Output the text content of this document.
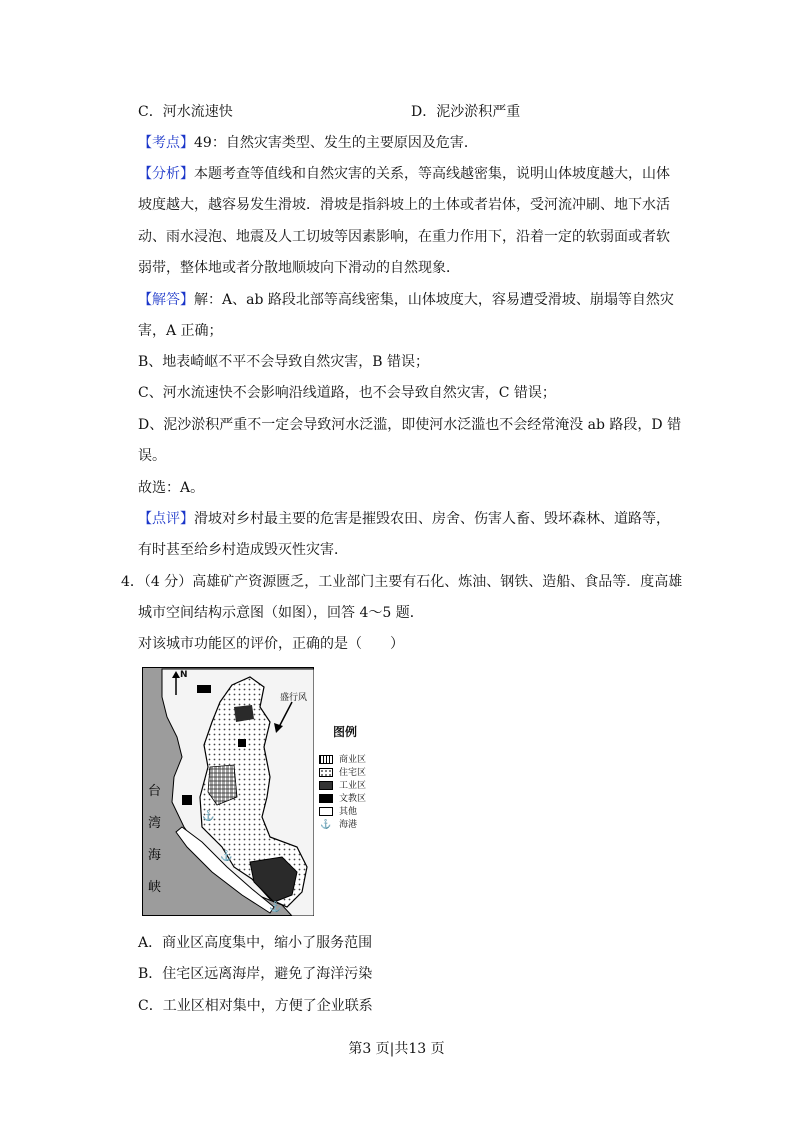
C．河水流速快	D．泥沙淤积严重
【考点】49：自然灾害类型、发生的主要原因及危害．
【分析】本题考查等值线和自然灾害的关系，等高线越密集，说明山体坡度越大，山体
坡度越大，越容易发生滑坡．滑坡是指斜坡上的土体或者岩体，受河流冲刷、地下水活
动、雨水浸泡、地震及人工切坡等因素影响，在重力作用下，沿着一定的软弱面或者软
弱带，整体地或者分散地顺坡向下滑动的自然现象．
【解答】解：A、ab 路段北部等高线密集，山体坡度大，容易遭受滑坡、崩塌等自然灾
害，A 正确；
B、地表崎岖不平不会导致自然灾害，B 错误；
C、河水流速快不会影响沿线道路，也不会导致自然灾害，C 错误；
D、泥沙淤积严重不一定会导致河水泛滥，即使河水泛滥也不会经常淹没 ab 路段，D 错
误。
故选：A。
【点评】滑坡对乡村最主要的危害是摧毁农田、房舍、伤害人畜、毁坏森林、道路等，
有时甚至给乡村造成毁灭性灾害．
4．（4 分）高雄矿产资源匮乏，工业部门主要有石化、炼油、钢铁、造船、食品等．度高雄
城市空间结构示意图（如图），回答 4～5 题．
对该城市功能区的评价，正确的是（　　）
⚓
⚓
⚓
N
盛行风
台
湾
海
峡
图例
商业区
住宅区
工业区
文教区
其他
⚓ 海港
A．商业区高度集中，缩小了服务范围
B．住宅区远离海岸，避免了海洋污染
C．工业区相对集中，方便了企业联系
第3 页|共13 页
